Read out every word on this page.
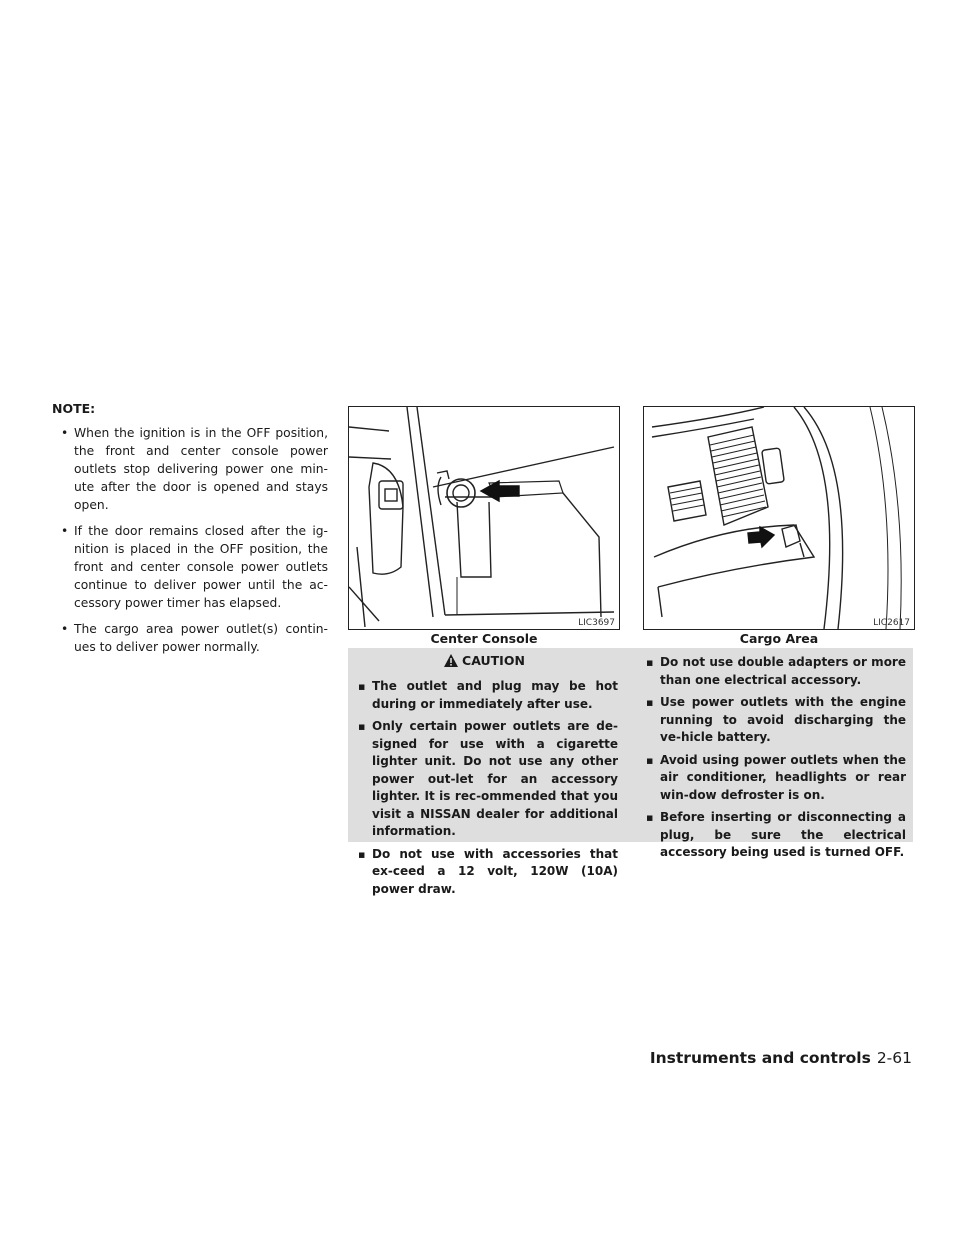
NOTE:
• When the ignition is in the OFF position, the front and center console power outlets stop delivering power one min-ute after the door is opened and stays open.
• If the door remains closed after the ig-nition is placed in the OFF position, the front and center console power outlets continue to deliver power until the ac-cessory power timer has elapsed.
• The cargo area power outlet(s) contin-ues to deliver power normally.
LIC3697
Center Console
LIC2617
Cargo Area
CAUTION
▪ The outlet and plug may be hot during or immediately after use.
▪ Only certain power outlets are de-signed for use with a cigarette lighter unit. Do not use any other power out-let for an accessory lighter. It is rec-ommended that you visit a NISSAN dealer for additional information.
▪ Do not use with accessories that ex-ceed a 12 volt, 120W (10A) power draw.
▪ Do not use double adapters or more than one electrical accessory.
▪ Use power outlets with the engine running to avoid discharging the ve-hicle battery.
▪ Avoid using power outlets when the air conditioner, headlights or rear win-dow defroster is on.
▪ Before inserting or disconnecting a plug, be sure the electrical accessory being used is turned OFF.
Instruments and controls 2-61
